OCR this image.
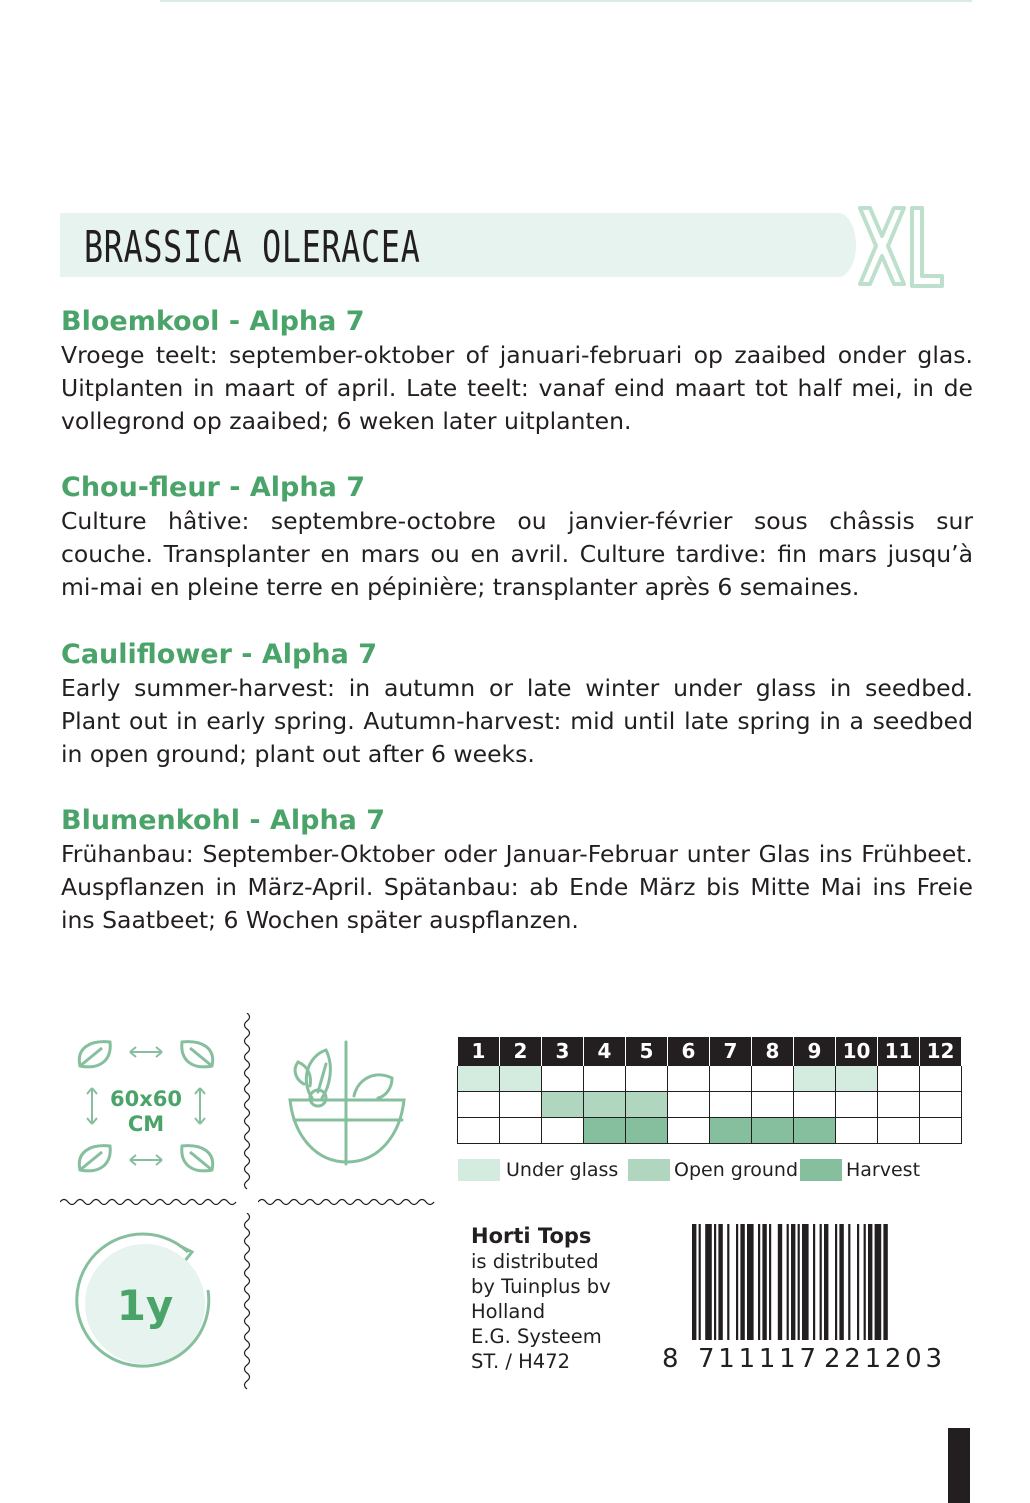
BRASSICA OLERACEA
XL
Bloemkool - Alpha 7

Vroege teelt: september-oktober of januari-februari op zaaibed onder glas. Uitplanten in maart of april. Late teelt: vanaf eind maart tot half mei, in de vollegrond op zaaibed; 6 weken later uitplanten.

Chou-fleur - Alpha 7

Culture hâtive: septembre-octobre ou janvier-février sous châssis sur couche. Transplanter en mars ou en avril. Culture tardive: fin mars jusqu’à mi-mai en pleine terre en pépinière; transplanter après 6 semaines.

Cauliflower - Alpha 7

Early summer-harvest: in autumn or late winter under glass in seedbed. Plant out in early spring. Autumn-harvest: mid until late spring in a seedbed in open ground; plant out after 6 weeks.

Blumenkohl - Alpha 7

Frühanbau: September-Oktober oder Januar-Februar unter Glas ins Frühbeet. Auspflanzen in März-April. Spätanbau: ab Ende März bis Mitte Mai ins Freie ins Saatbeet; 6 Wochen später auspflanzen.

60x60
CM
1y
1	2	3	4	5	6	7	8	9	10	11	12

Under glass	Open ground	Harvest
Horti Tops
is distributed
by Tuinplus bv
Holland
E.G. Systeem
ST. / H472	8 711117 221203
